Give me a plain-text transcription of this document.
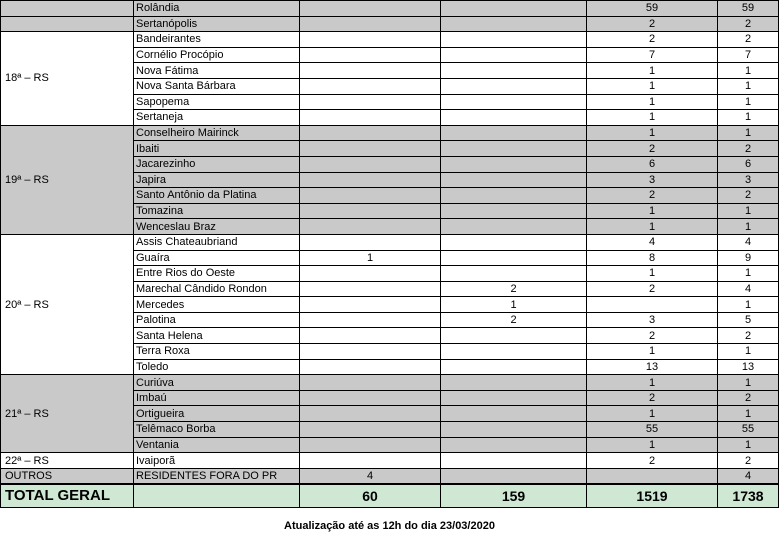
	Rolândia			59	59
	Sertanópolis			2	2
18ª – RS	Bandeirantes			2	2
	Cornélio Procópio			7	7
	Nova Fátima			1	1
	Nova Santa Bárbara			1	1
	Sapopema			1	1
	Sertaneja			1	1
19ª – RS	Conselheiro Mairinck			1	1
	Ibaiti			2	2
	Jacarezinho			6	6
	Japira			3	3
	Santo Antônio da Platina			2	2
	Tomazina			1	1
	Wenceslau Braz			1	1
20ª – RS	Assis Chateaubriand			4	4
	Guaíra	1		8	9
	Entre Rios do Oeste			1	1
	Marechal Cândido Rondon		2	2	4
	Mercedes		1		1
	Palotina		2	3	5
	Santa Helena			2	2
	Terra Roxa			1	1
	Toledo			13	13
21ª – RS	Curiúva			1	1
	Imbaú			2	2
	Ortigueira			1	1
	Telêmaco Borba			55	55
	Ventania			1	1
22ª – RS	Ivaiporã			2	2
OUTROS	RESIDENTES FORA DO PR	4			4
TOTAL GERAL		60	159	1519	1738
Atualização até as 12h do dia 23/03/2020
